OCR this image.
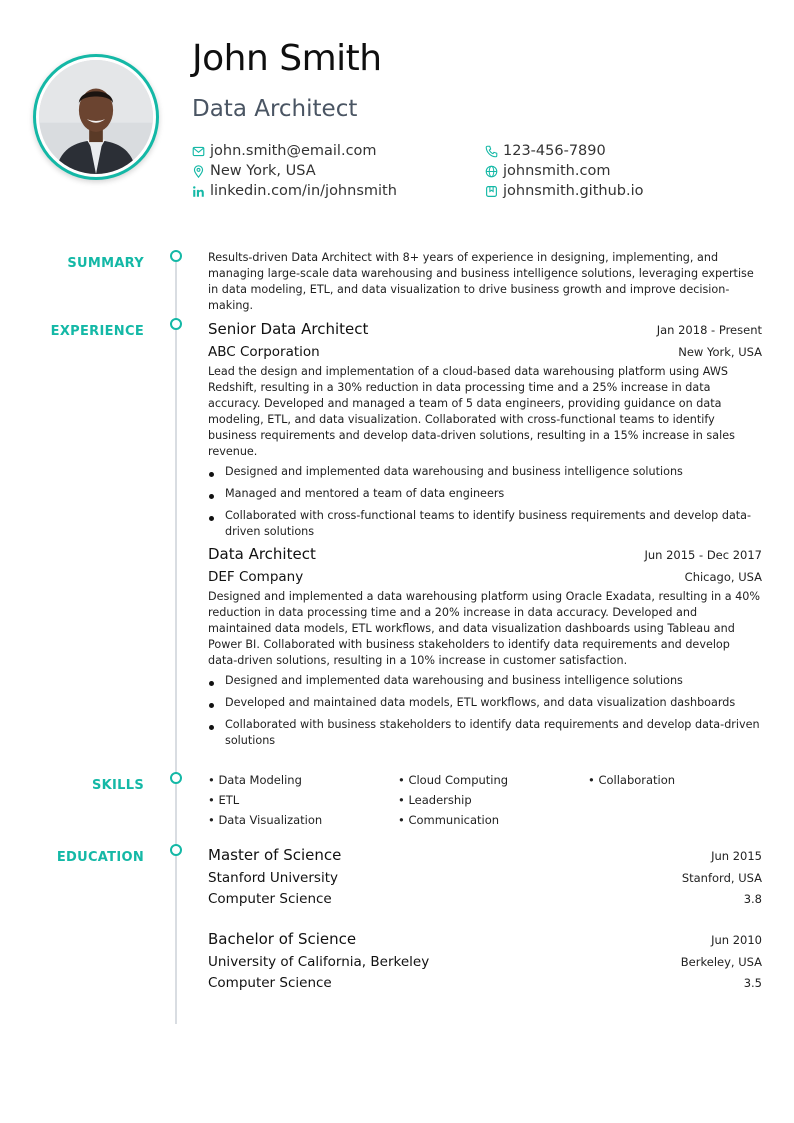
John Smith
Data Architect
john.smith@email.com
New York, USA
linkedin.com/in/johnsmith
123-456-7890
johnsmith.com
johnsmith.github.io
SUMMARY
EXPERIENCE
SKILLS
EDUCATION

Results-driven Data Architect with 8+ years of experience in designing, implementing, and managing large-scale data warehousing and business intelligence solutions, leveraging expertise in data modeling, ETL, and data visualization to drive business growth and improve decision-making.

Senior Data Architect	Jan 2018 - Present
ABC Corporation	New York, USA

Lead the design and implementation of a cloud-based data warehousing platform using AWS Redshift, resulting in a 30% reduction in data processing time and a 25% increase in data accuracy. Developed and managed a team of 5 data engineers, providing guidance on data modeling, ETL, and data visualization. Collaborated with cross-functional teams to identify business requirements and develop data-driven solutions, resulting in a 15% increase in sales revenue.

Designed and implemented data warehousing and business intelligence solutions
Managed and mentored a team of data engineers
Collaborated with cross-functional teams to identify business requirements and develop data-driven solutions
Data Architect	Jun 2015 - Dec 2017
DEF Company	Chicago, USA

Designed and implemented a data warehousing platform using Oracle Exadata, resulting in a 40% reduction in data processing time and a 20% increase in data accuracy. Developed and maintained data models, ETL workflows, and data visualization dashboards using Tableau and Power BI. Collaborated with business stakeholders to identify data requirements and develop data-driven solutions, resulting in a 10% increase in customer satisfaction.

Designed and implemented data warehousing and business intelligence solutions
Developed and maintained data models, ETL workflows, and data visualization dashboards
Collaborated with business stakeholders to identify data requirements and develop data-driven solutions
• Data Modeling	• Cloud Computing	• Collaboration
• ETL	• Leadership
• Data Visualization	• Communication
Master of Science	Jun 2015
Stanford University	Stanford, USA
Computer Science	3.8
Bachelor of Science	Jun 2010
University of California, Berkeley	Berkeley, USA
Computer Science	3.5
